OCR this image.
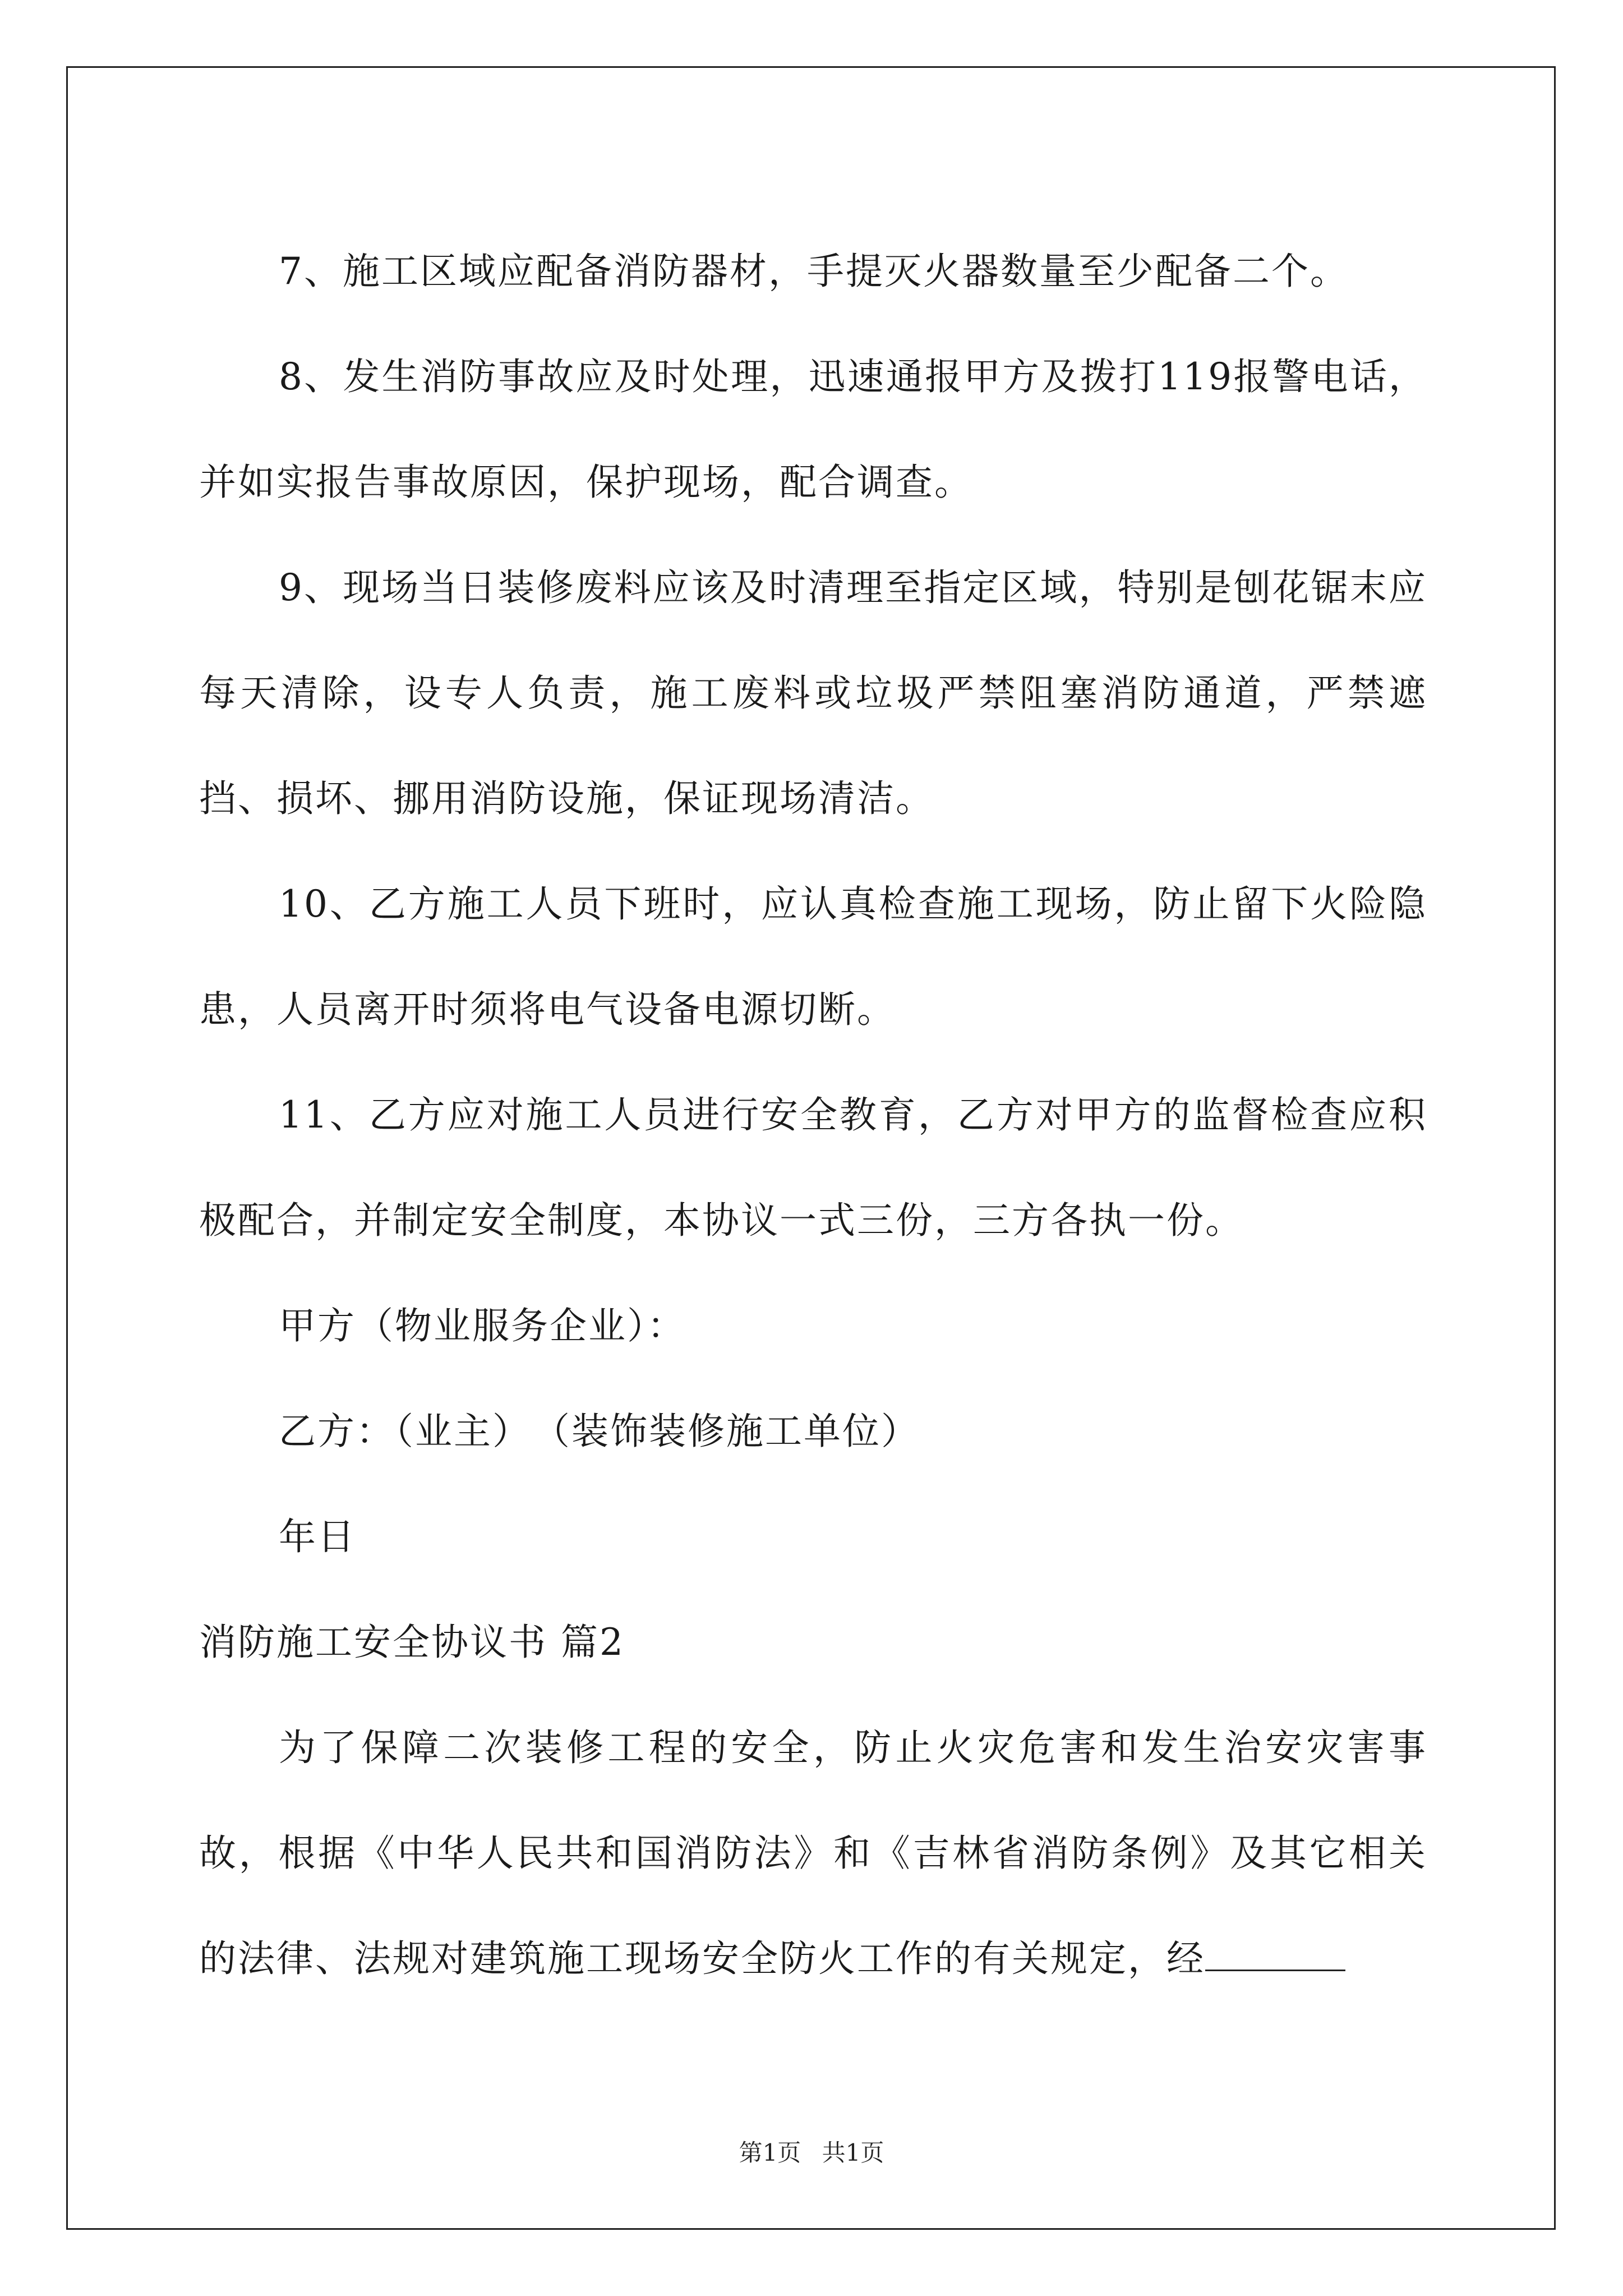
7、施工区域应配备消防器材，手提灭火器数量至少配备二个。

8、发生消防事故应及时处理，迅速通报甲方及拨打119报警电话，并如实报告事故原因，保护现场，配合调查。

9、现场当日装修废料应该及时清理至指定区域，特别是刨花锯末应每天清除，设专人负责，施工废料或垃圾严禁阻塞消防通道，严禁遮挡、损坏、挪用消防设施，保证现场清洁。

10、乙方施工人员下班时，应认真检查施工现场，防止留下火险隐患，人员离开时须将电气设备电源切断。

11、乙方应对施工人员进行安全教育，乙方对甲方的监督检查应积极配合，并制定安全制度，本协议一式三份，三方各执一份。

甲方（物业服务企业）：

乙方：（业主）　（装饰装修施工单位）

年日

消防施工安全协议书 篇2

为了保障二次装修工程的安全，防止火灾危害和发生治安灾害事故，根据《中华人民共和国消防法》和《吉林省消防条例》及其它相关的法律、法规对建筑施工现场安全防火工作的有关规定，经

第1页 共1页
